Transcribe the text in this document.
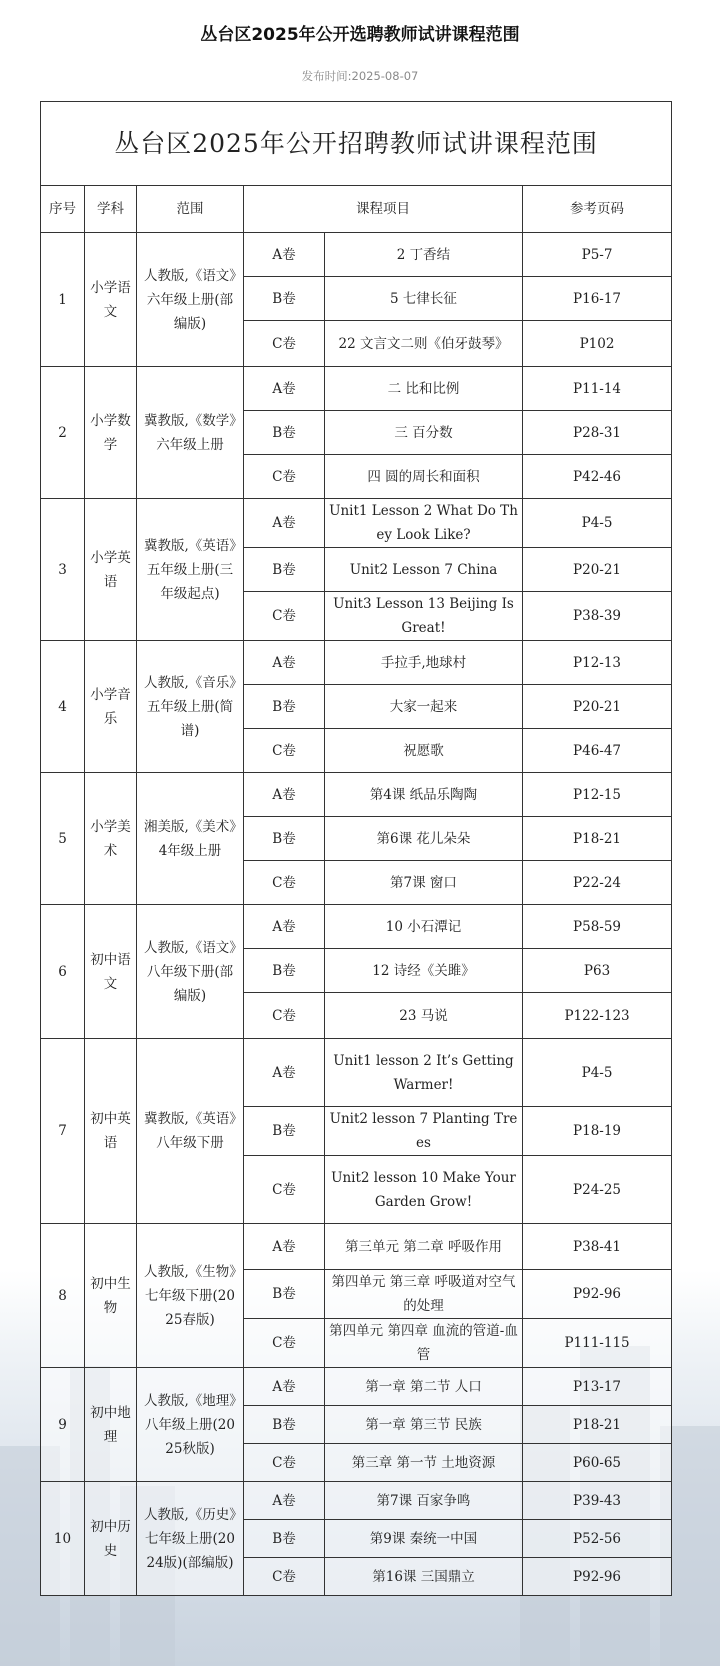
丛台区2025年公开选聘教师试讲课程范围
发布时间:2025-08-07
丛台区2025年公开招聘教师试讲课程范围					
序号	学科	范围	课程项目		参考页码
1	小学语文	人教版,《语文》六年级上册(部编版)	A卷	2 丁香结	P5-7
			B卷	5 七律长征	P16-17
			C卷	22 文言文二则《伯牙鼓琴》	P102
2	小学数学	冀教版,《数学》六年级上册	A卷	二 比和比例	P11-14
			B卷	三 百分数	P28-31
			C卷	四 圆的周长和面积	P42-46
3	小学英语	冀教版,《英语》五年级上册(三年级起点)	A卷	Unit1 Lesson 2 What Do They Look Like?	P4-5
			B卷	Unit2 Lesson 7 China	P20-21
			C卷	Unit3 Lesson 13 Beijing Is Great!	P38-39
4	小学音乐	人教版,《音乐》五年级上册(简谱)	A卷	手拉手,地球村	P12-13
			B卷	大家一起来	P20-21
			C卷	祝愿歌	P46-47
5	小学美术	湘美版,《美术》4年级上册	A卷	第4课 纸品乐陶陶	P12-15
			B卷	第6课 花儿朵朵	P18-21
			C卷	第7课 窗口	P22-24
6	初中语文	人教版,《语文》八年级下册(部编版)	A卷	10 小石潭记	P58-59
			B卷	12 诗经《关雎》	P63
			C卷	23 马说	P122-123
7	初中英语	冀教版,《英语》八年级下册	A卷	Unit1 lesson 2 It’s Getting Warmer!	P4-5
			B卷	Unit2 lesson 7 Planting Trees	P18-19
			C卷	Unit2 lesson 10 Make Your Garden Grow!	P24-25
8	初中生物	人教版,《生物》七年级下册(2025春版)	A卷	第三单元 第二章 呼吸作用	P38-41
			B卷	第四单元 第三章 呼吸道对空气的处理	P92-96
			C卷	第四单元 第四章 血流的管道-血管	P111-115
9	初中地理	人教版,《地理》八年级上册(2025秋版)	A卷	第一章 第二节 人口	P13-17
			B卷	第一章 第三节 民族	P18-21
			C卷	第三章 第一节 土地资源	P60-65
10	初中历史	人教版,《历史》七年级上册(2024版)(部编版)	A卷	第7课 百家争鸣	P39-43
			B卷	第9课 秦统一中国	P52-56
			C卷	第16课 三国鼎立	P92-96
